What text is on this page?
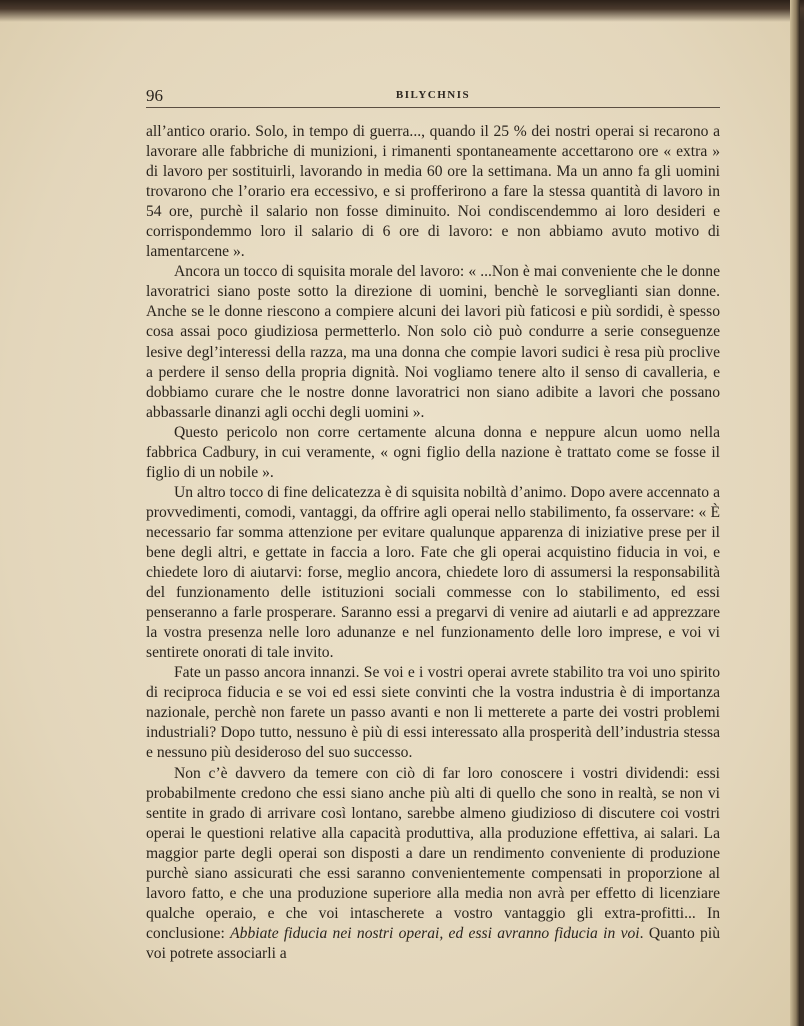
96	BILYCHNIS

all’antico orario. Solo, in tempo di guerra..., quando il 25 % dei nostri operai si recarono a lavorare alle fabbriche di munizioni, i rimanenti spontaneamente accettarono ore « extra » di lavoro per sostituirli, lavorando in media 60 ore la settimana. Ma un anno fa gli uomini trovarono che l’orario era eccessivo, e si profferirono a fare la stessa quantità di lavoro in 54 ore, purchè il salario non fosse diminuito. Noi condiscendemmo ai loro desideri e corrispondemmo loro il salario di 6 ore di lavoro: e non abbiamo avuto motivo di lamentarcene ».

Ancora un tocco di squisita morale del lavoro: « ...Non è mai conveniente che le donne lavoratrici siano poste sotto la direzione di uomini, benchè le sorveglianti sian donne. Anche se le donne riescono a compiere alcuni dei lavori più faticosi e più sordidi, è spesso cosa assai poco giudiziosa permetterlo. Non solo ciò può condurre a serie conseguenze lesive degl’interessi della razza, ma una donna che compie lavori sudici è resa più proclive a perdere il senso della propria dignità. Noi vogliamo tenere alto il senso di cavalleria, e dobbiamo curare che le nostre donne lavoratrici non siano adibite a lavori che possano abbassarle dinanzi agli occhi degli uomini ».

Questo pericolo non corre certamente alcuna donna e neppure alcun uomo nella fabbrica Cadbury, in cui veramente, « ogni figlio della nazione è trattato come se fosse il figlio di un nobile ».

Un altro tocco di fine delicatezza è di squisita nobiltà d’animo. Dopo avere accennato a provvedimenti, comodi, vantaggi, da offrire agli operai nello stabilimento, fa osservare: « È necessario far somma attenzione per evitare qualunque apparenza di iniziative prese per il bene degli altri, e gettate in faccia a loro. Fate che gli operai acquistino fiducia in voi, e chiedete loro di aiutarvi: forse, meglio ancora, chiedete loro di assumersi la responsabilità del funzionamento delle istituzioni sociali commesse con lo stabilimento, ed essi penseranno a farle prosperare. Saranno essi a pregarvi di venire ad aiutarli e ad apprezzare la vostra presenza nelle loro adunanze e nel funzionamento delle loro imprese, e voi vi sentirete onorati di tale invito.

Fate un passo ancora innanzi. Se voi e i vostri operai avrete stabilito tra voi uno spirito di reciproca fiducia e se voi ed essi siete convinti che la vostra industria è di importanza nazionale, perchè non farete un passo avanti e non li metterete a parte dei vostri problemi industriali? Dopo tutto, nessuno è più di essi interessato alla prosperità dell’industria stessa e nessuno più desideroso del suo successo.

Non c’è davvero da temere con ciò di far loro conoscere i vostri dividendi: essi probabilmente credono che essi siano anche più alti di quello che sono in realtà, se non vi sentite in grado di arrivare così lontano, sarebbe almeno giudizioso di discutere coi vostri operai le questioni relative alla capacità produttiva, alla produzione effettiva, ai salari. La maggior parte degli operai son disposti a dare un rendimento conveniente di produzione purchè siano assicurati che essi saranno convenientemente compensati in proporzione al lavoro fatto, e che una produzione superiore alla media non avrà per effetto di licenziare qualche operaio, e che voi intascherete a vostro vantaggio gli extra-profitti... In conclusione: Abbiate fiducia nei nostri operai, ed essi avranno fiducia in voi. Quanto più voi potrete associarli a
